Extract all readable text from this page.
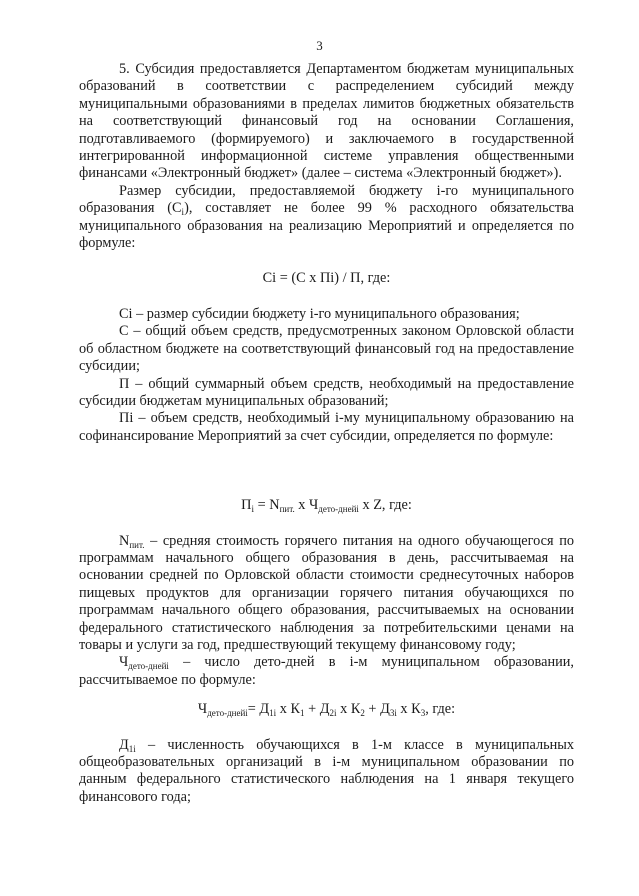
3

5. Субсидия предоставляется Департаментом бюджетам муниципальных образований в соответствии с распределением субсидий между муниципальными образованиями в пределах лимитов бюджетных обязательств на соответствующий финансовый год на основании Соглашения, подготавливаемого (формируемого) и заключаемого в государственной интегрированной информационной системе управления общественными финансами «Электронный бюджет» (далее – система «Электронный бюджет»).

Размер субсидии, предоставляемой бюджету i-го муниципального образования $(С_i)$, составляет не более 99 % расходного обязательства муниципального образования на реализацию Мероприятий и определяется по формуле:

Ci = (С х Пi) / П, где:

Ci – размер субсидии бюджету i-го муниципального образования;

С – общий объем средств, предусмотренных законом Орловской области об областном бюджете на соответствующий финансовый год на предоставление субсидии;

П – общий суммарный объем средств, необходимый на предоставление субсидии бюджетам муниципальных образований;

Пi – объем средств, необходимый i-му муниципальному образованию на софинансирование Мероприятий за счет субсидии, определяется по формуле:

$П_i = N_{пит.}$ х $Ч_{дето-днейi}$ х Z, где:

$N_{пит.}$ – средняя стоимость горячего питания на одного обучающегося по программам начального общего образования в день, рассчитываемая на основании средней по Орловской области стоимости среднесуточных наборов пищевых продуктов для организации горячего питания обучающихся по программам начального общего образования, рассчитываемых на основании федерального статистического наблюдения за потребительскими ценами на товары и услуги за год, предшествующий текущему финансовому году;

$Ч_{дето-днейi}$ – число дето-дней в i-м муниципальном образовании, рассчитываемое по формуле:

$Ч_{дето-днейi}= Д_{1i}$ х $К_1 + Д_{2i}$ х $К_2 + Д_{3i}$ х $К_3$, где:

$Д_{1i}$ – численность обучающихся в 1-м классе в муниципальных общеобразовательных организаций в i-м муниципальном образовании по данным федерального статистического наблюдения на 1 января текущего финансового года;
